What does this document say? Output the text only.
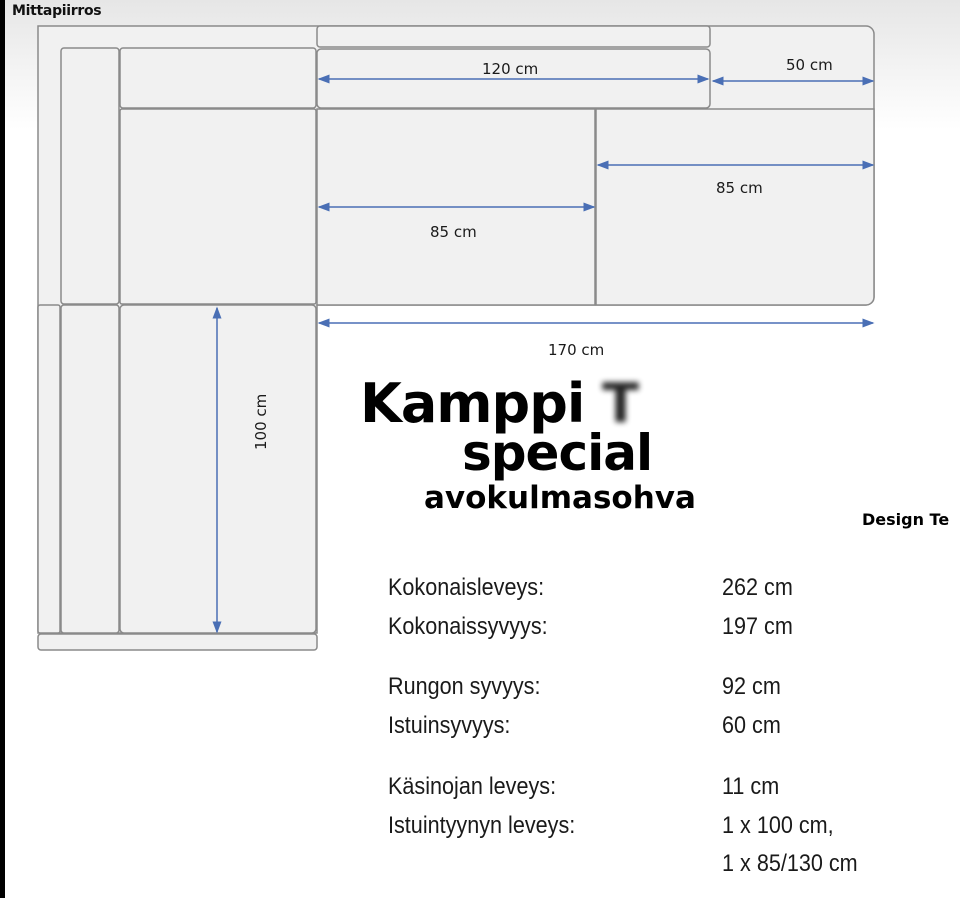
Mittapiirros
120 cm	50 cm
85 cm
85 cm
170 cm
100 cm Kamppi T
special
avokulmasohva
Design Te
Kokonaisleveys:	262 cm
Kokonaissyvyys:	197 cm
Rungon syvyys:	92 cm
Istuinsyvyys:	60 cm
Käsinojan leveys:	11 cm
Istuintyynyn leveys:	1 x 100 cm,
1 x 85/130 cm
